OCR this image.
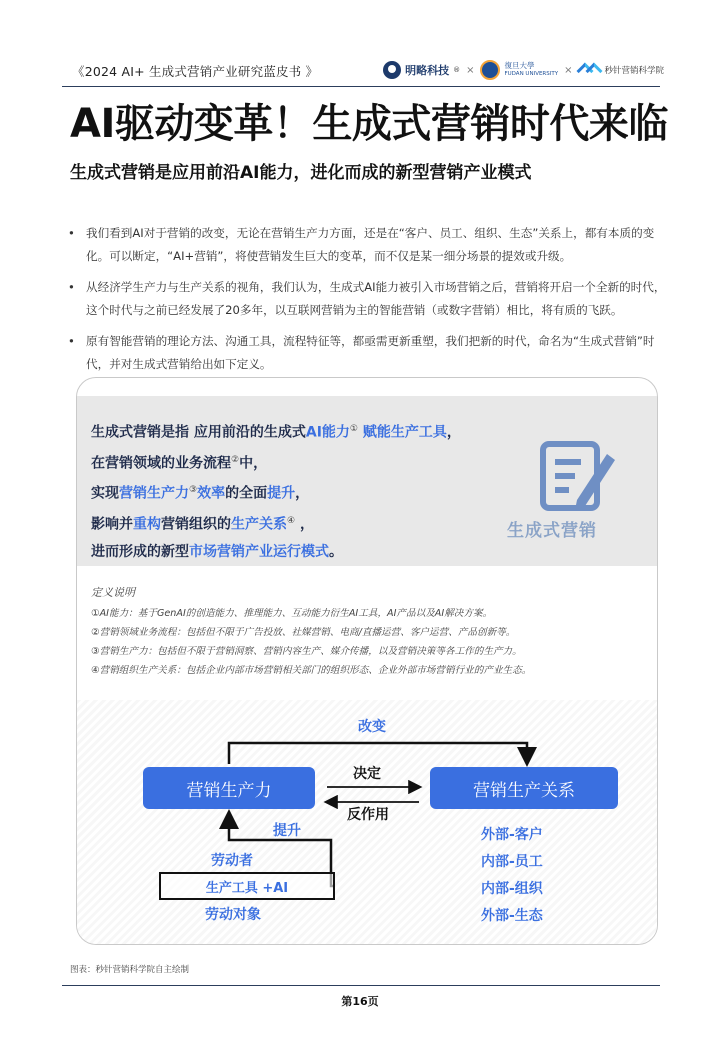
《2024 AI+ 生成式营销产业研究蓝皮书 》	明略科技 ® ×	復旦大學
FUDAN UNIVERSITY ×	秒针营销科学院
AI驱动变革！生成式营销时代来临
生成式营销是应用前沿AI能力，进化而成的新型营销产业模式
• 我们看到AI对于营销的改变，无论在营销生产力方面，还是在“客户、员工、组织、生态”关系上，都有本质的变化。可以断定，“AI+营销”，将使营销发生巨大的变革，而不仅是某一细分场景的提效或升级。
• 从经济学生产力与生产关系的视角，我们认为，生成式AI能力被引入市场营销之后，营销将开启一个全新的时代，这个时代与之前已经发展了20多年，以互联网营销为主的智能营销（或数字营销）相比，将有质的飞跃。
• 原有智能营销的理论方法、沟通工具，流程特征等，都亟需更新重塑，我们把新的时代，命名为“生成式营销”时代，并对生成式营销给出如下定义。
生成式营销是指 应用前沿的生成式AI能力① 赋能生产工具，
在营销领域的业务流程②中，
实现营销生产力③效率的全面提升，
影响并重构营销组织的生产关系④ ，
进而形成的新型市场营销产业运行模式。
生成式营销
定义说明
①AI能力：基于GenAI的创造能力、推理能力、互动能力衍生AI工具，AI产品以及AI解决方案。
②营销领域业务流程：包括但不限于广告投放、社媒营销、电商/直播运营、客户运营、产品创新等。
③营销生产力：包括但不限于营销洞察、营销内容生产、媒介传播，以及营销决策等各工作的生产力。
④营销组织生产关系：包括企业内部市场营销相关部门的组织形态、企业外部市场营销行业的产业生态。
改变
营销生产力	营销生产关系
决定
反作用
提升
劳动者
生产工具 +AI
劳动对象
外部-客户
内部-员工
内部-组织
外部-生态
图表：秒针营销科学院自主绘制
第16页
